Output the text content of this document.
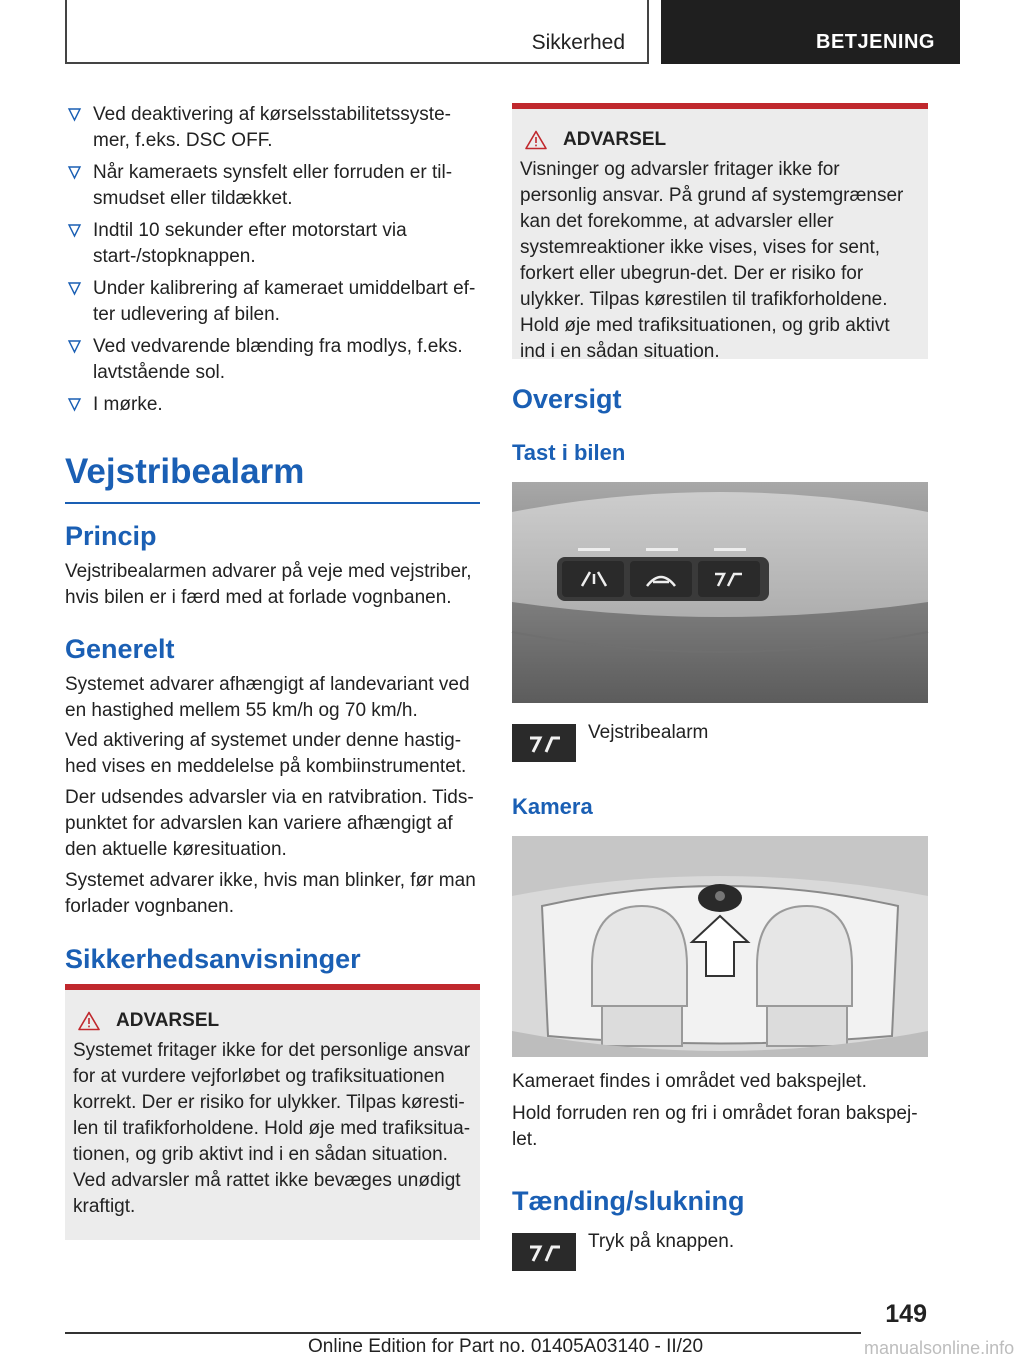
Sikkerhed	BETJENING
Ved deaktivering af kørselsstabilitetssyste-mer, f.eks. DSC OFF.
Når kameraets synsfelt eller forruden er til-smudset eller tildækket.
Indtil 10 sekunder efter motorstart via start-/stopknappen.
Under kalibrering af kameraet umiddelbart ef-ter udlevering af bilen.
Ved vedvarende blænding fra modlys, f.eks. lavtstående sol.
I mørke.
Vejstribealarm
Princip

Vejstribealarmen advarer på veje med vejstriber, hvis bilen er i færd med at forlade vognbanen.

Generelt

Systemet advarer afhængigt af landevariant ved en hastighed mellem 55 km/h og 70 km/h.

Ved aktivering af systemet under denne hastig-hed vises en meddelelse på kombiinstrumentet.

Der udsendes advarsler via en ratvibration. Tids-punktet for advarslen kan variere afhængigt af den aktuelle køresituation.

Systemet advarer ikke, hvis man blinker, før man forlader vognbanen.

Sikkerhedsanvisninger
ADVARSEL

Systemet fritager ikke for det personlige ansvar for at vurdere vejforløbet og trafiksituationen korrekt. Der er risiko for ulykker. Tilpas køresti-len til trafikforholdene. Hold øje med trafiksitua-tionen, og grib aktivt ind i en sådan situation. Ved advarsler må rattet ikke bevæges unødigt kraftigt.

ADVARSEL

Visninger og advarsler fritager ikke for personlig ansvar. På grund af systemgrænser kan det forekomme, at advarsler eller systemreaktioner ikke vises, vises for sent, forkert eller ubegrun-det. Der er risiko for ulykker. Tilpas kørestilen til trafikforholdene. Hold øje med trafiksituationen, og grib aktivt ind i en sådan situation.

Oversigt
Tast i bilen

Vejstribealarm

Kamera

Kameraet findes i området ved bakspejlet.

Hold forruden ren og fri i området foran bakspej-let.

Tænding/slukning

Tryk på knappen.

149
Online Edition for Part no. 01405A03140 - II/20	manualsonline.info
